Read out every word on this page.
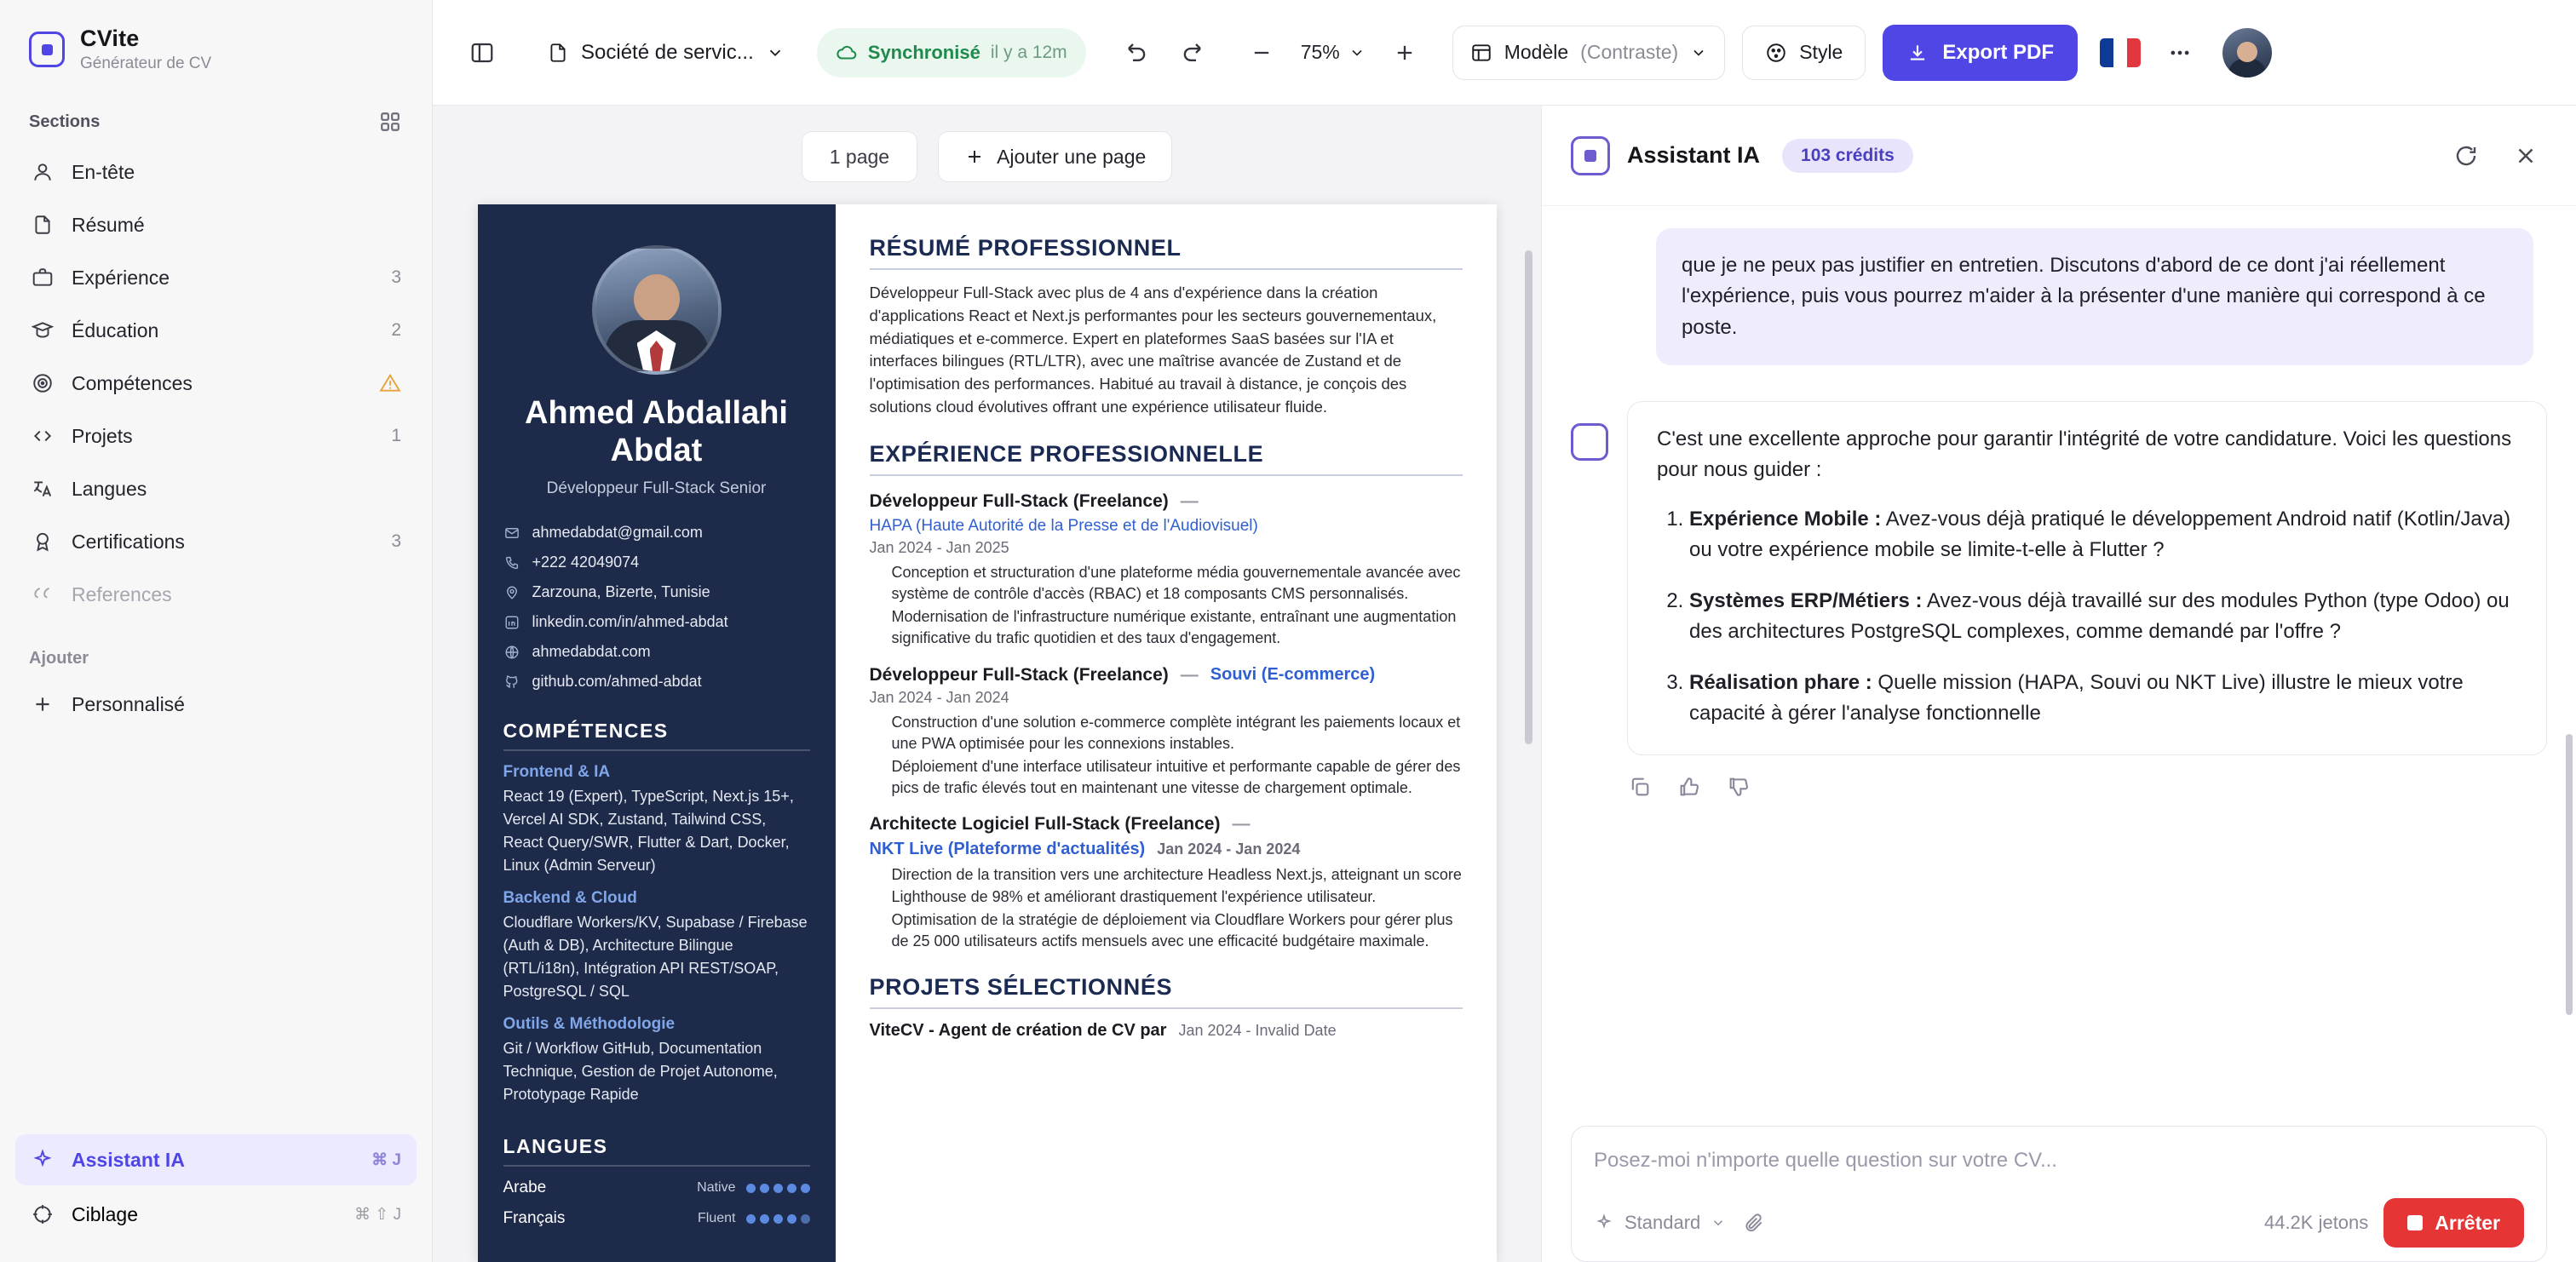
CVite
Générateur de CV
Sections
En-tête
Résumé
Expérience	3
Éducation	2
Compétences
Projets	1
Langues
Certifications	3
References
Ajouter
Personnalisé
Assistant IA	⌘ J
Ciblage	⌘ ⇧ J
Société de servic...	Synchronisé il y a 12m	75%	Modèle (Contraste)	Style	Export PDF
1 page	Ajouter une page
Ahmed Abdallahi Abdat
Développeur Full-Stack Senior
ahmedabdat@gmail.com
+222 42049074
Zarzouna, Bizerte, Tunisie
linkedin.com/in/ahmed-abdat
ahmedabdat.com
github.com/ahmed-abdat
COMPÉTENCES
Frontend & IA
React 19 (Expert), TypeScript, Next.js 15+, Vercel AI SDK, Zustand, Tailwind CSS, React Query/SWR, Flutter & Dart, Docker, Linux (Admin Serveur)
Backend & Cloud
Cloudflare Workers/KV, Supabase / Firebase (Auth & DB), Architecture Bilingue (RTL/i18n), Intégration API REST/SOAP, PostgreSQL / SQL
Outils & Méthodologie
Git / Workflow GitHub, Documentation Technique, Gestion de Projet Autonome, Prototypage Rapide
LANGUES
Arabe	Native
Français	Fluent
RÉSUMÉ PROFESSIONNEL

Développeur Full-Stack avec plus de 4 ans d'expérience dans la création d'applications React et Next.js performantes pour les secteurs gouvernementaux, médiatiques et e-commerce. Expert en plateformes SaaS basées sur l'IA et interfaces bilingues (RTL/LTR), avec une maîtrise avancée de Zustand et de l'optimisation des performances. Habitué au travail à distance, je conçois des solutions cloud évolutives offrant une expérience utilisateur fluide.

EXPÉRIENCE PROFESSIONNELLE
Développeur Full-Stack (Freelance) —
HAPA (Haute Autorité de la Presse et de l'Audiovisuel)
Jan 2024 - Jan 2025
Conception et structuration d'une plateforme média gouvernementale avancée avec système de contrôle d'accès (RBAC) et 18 composants CMS personnalisés.
Modernisation de l'infrastructure numérique existante, entraînant une augmentation significative du trafic quotidien et des taux d'engagement.
Développeur Full-Stack (Freelance) — Souvi (E-commerce)
Jan 2024 - Jan 2024
Construction d'une solution e-commerce complète intégrant les paiements locaux et une PWA optimisée pour les connexions instables.
Déploiement d'une interface utilisateur intuitive et performante capable de gérer des pics de trafic élevés tout en maintenant une vitesse de chargement optimale.
Architecte Logiciel Full-Stack (Freelance) —
NKT Live (Plateforme d'actualités) Jan 2024 - Jan 2024
Direction de la transition vers une architecture Headless Next.js, atteignant un score Lighthouse de 98% et améliorant drastiquement l'expérience utilisateur.
Optimisation de la stratégie de déploiement via Cloudflare Workers pour gérer plus de 25 000 utilisateurs actifs mensuels avec une efficacité budgétaire maximale.
PROJETS SÉLECTIONNÉS
ViteCV - Agent de création de CV par Jan 2024 - Invalid Date
Assistant IA	103 crédits
que je ne peux pas justifier en entretien. Discutons d'abord de ce dont j'ai réellement l'expérience, puis vous pourrez m'aider à la présenter d'une manière qui correspond à ce poste.
C'est une excellente approche pour garantir l'intégrité de votre candidature. Voici les questions pour nous guider :
1. Expérience Mobile : Avez-vous déjà pratiqué le développement Android natif (Kotlin/Java) ou votre expérience mobile se limite-t-elle à Flutter ?
2. Systèmes ERP/Métiers : Avez-vous déjà travaillé sur des modules Python (type Odoo) ou des architectures PostgreSQL complexes, comme demandé par l'offre ?
3. Réalisation phare : Quelle mission (HAPA, Souvi ou NKT Live) illustre le mieux votre capacité à gérer l'analyse fonctionnelle
Posez-moi n'importe quelle question sur votre CV...
Standard	44.2K jetons	Arrêter
